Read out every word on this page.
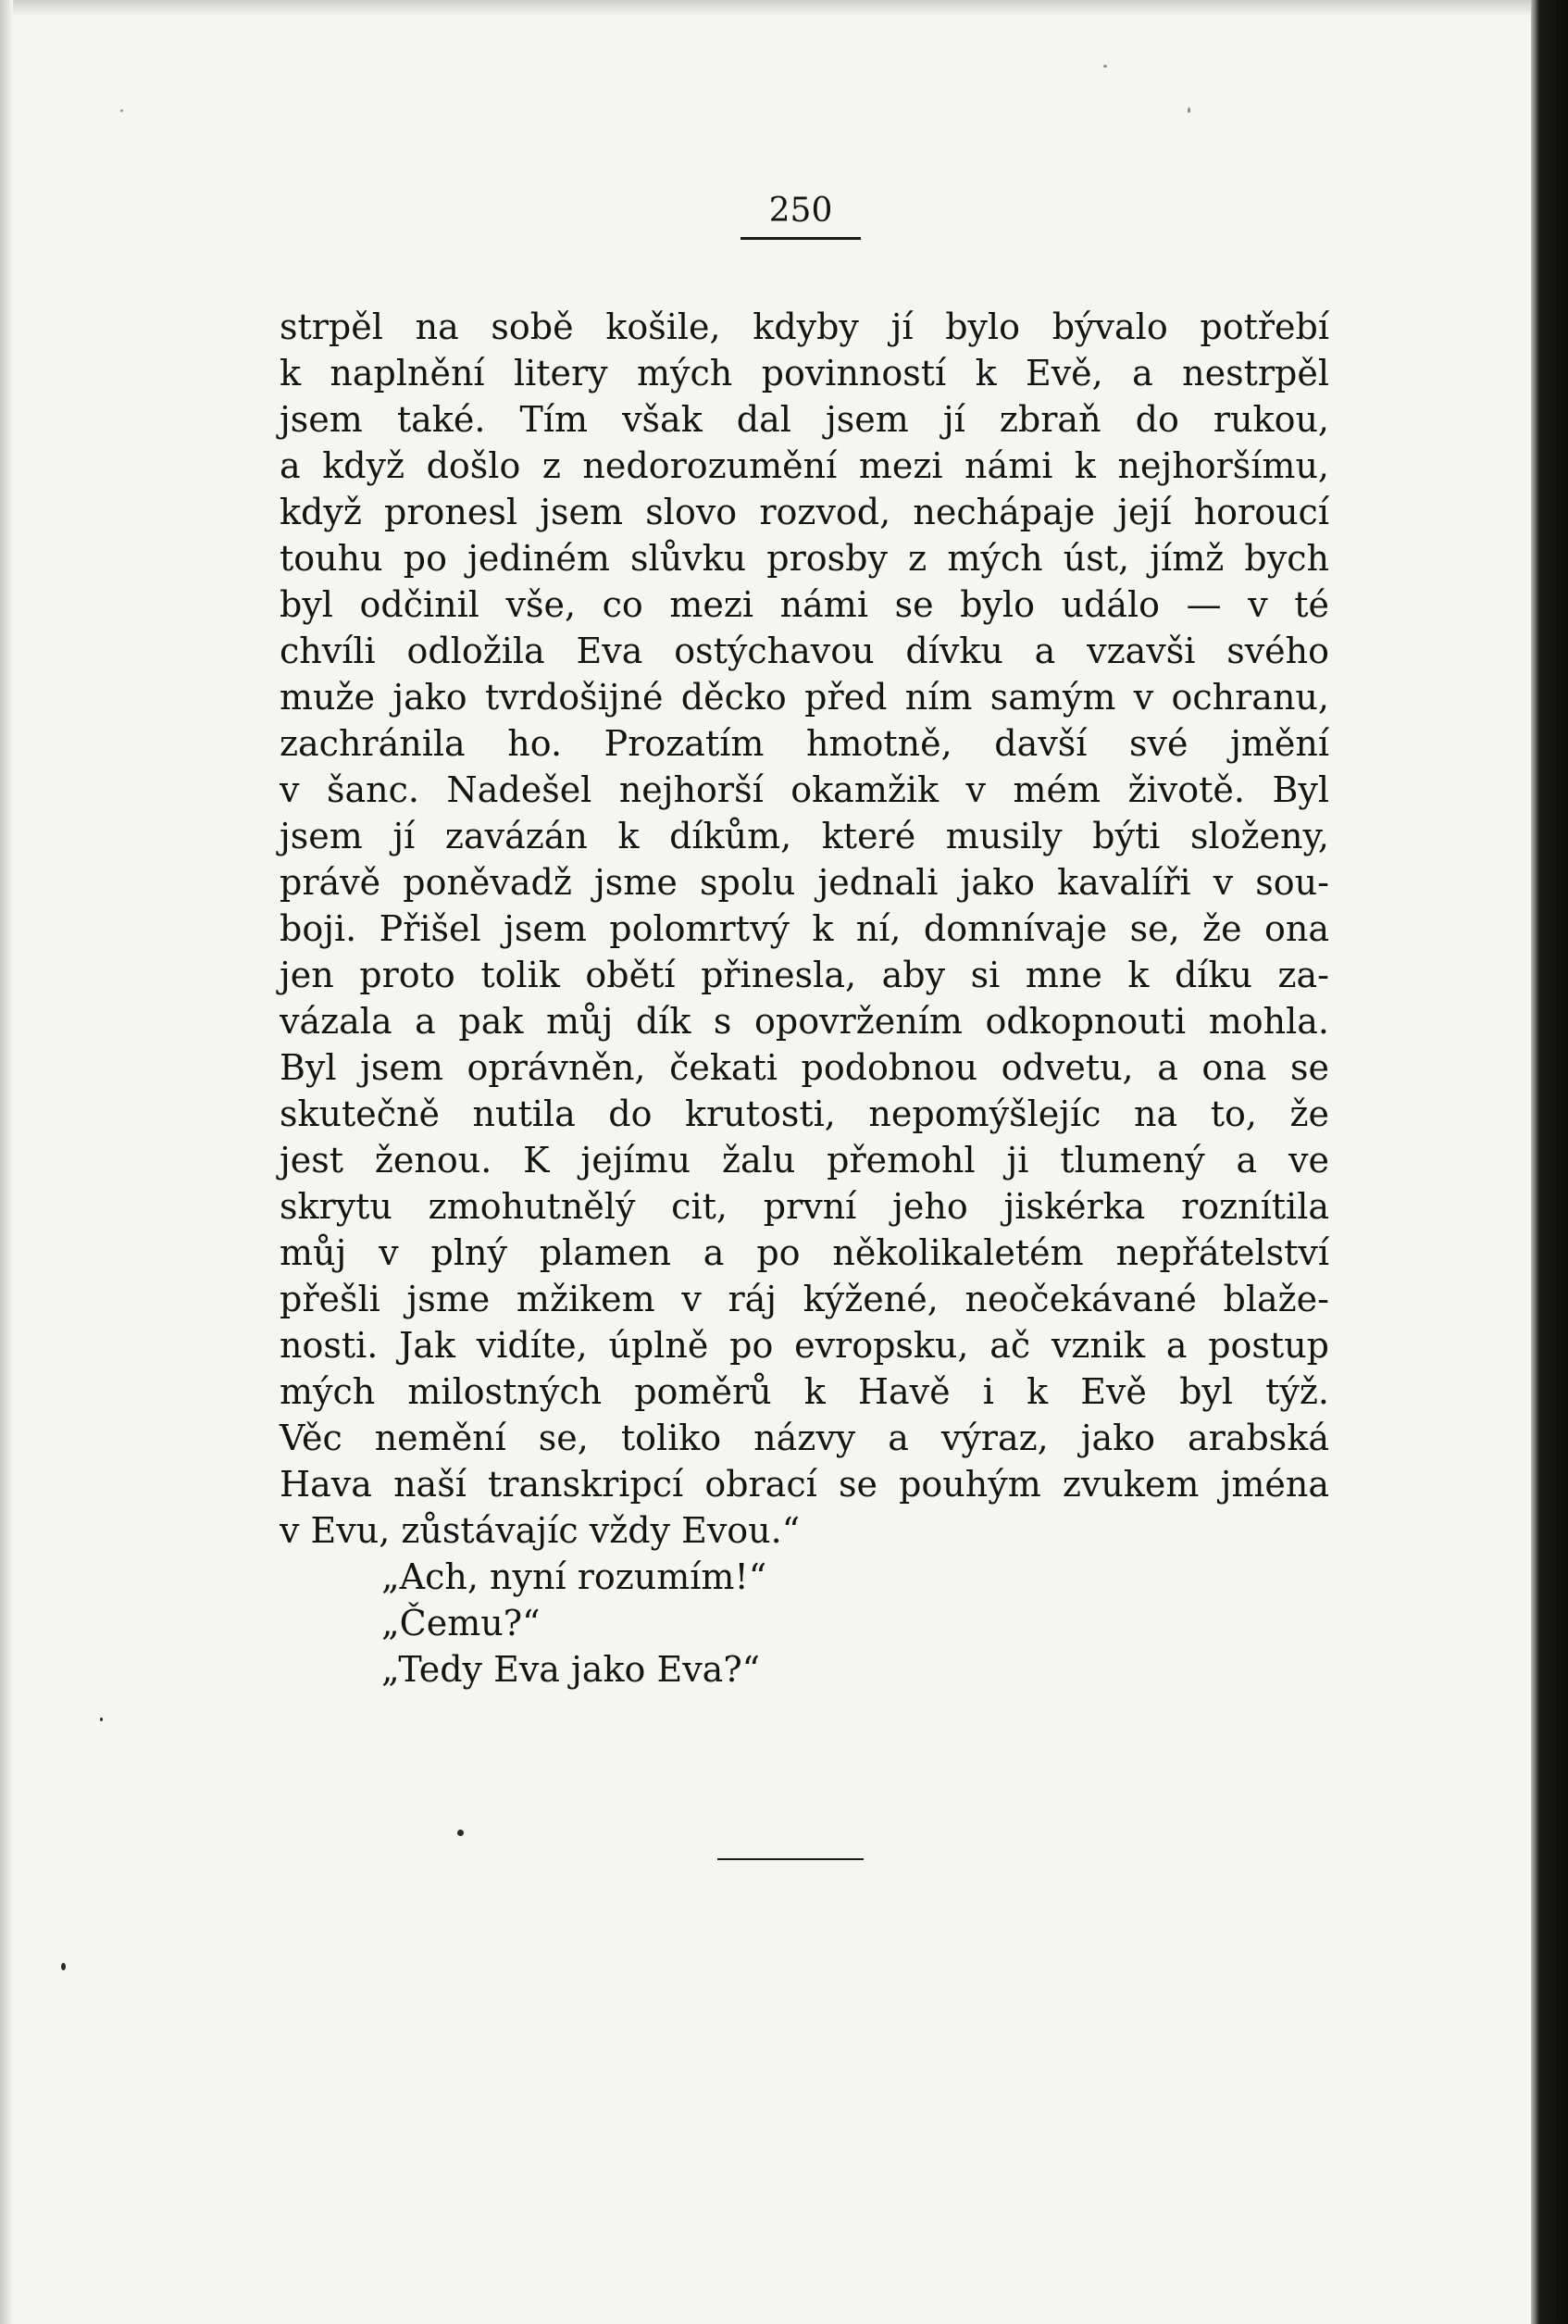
250
strpěl na sobě košile, kdyby jí bylo bývalo potřebí
k naplnění litery mých povinností k Evě, a nestrpěl
jsem také. Tím však dal jsem jí zbraň do rukou,
a když došlo z nedorozumění mezi námi k nejhoršímu,
když pronesl jsem slovo rozvod, nechápaje její horoucí
touhu po jediném slůvku prosby z mých úst, jímž bych
byl odčinil vše, co mezi námi se bylo událo — v té
chvíli odložila Eva ostýchavou dívku a vzavši svého
muže jako tvrdošijné děcko před ním samým v ochranu,
zachránila ho. Prozatím hmotně, davší své jmění
v šanc. Nadešel nejhorší okamžik v mém životě. Byl
jsem jí zavázán k díkům, které musily býti složeny,
právě poněvadž jsme spolu jednali jako kavalíři v sou-
boji. Přišel jsem polomrtvý k ní, domnívaje se, že ona
jen proto tolik obětí přinesla, aby si mne k díku za-
vázala a pak můj dík s opovržením odkopnouti mohla.
Byl jsem oprávněn, čekati podobnou odvetu, a ona se
skutečně nutila do krutosti, nepomýšlejíc na to, že
jest ženou. K jejímu žalu přemohl ji tlumený a ve
skrytu zmohutnělý cit, první jeho jiskérka roznítila
můj v plný plamen a po několikaletém nepřátelství
přešli jsme mžikem v ráj kýžené, neočekávané blaže-
nosti. Jak vidíte, úplně po evropsku, ač vznik a postup
mých milostných poměrů k Havě i k Evě byl týž.
Věc nemění se, toliko názvy a výraz, jako arabská
Hava naší transkripcí obrací se pouhým zvukem jména
v Evu, zůstávajíc vždy Evou.“
„Ach, nyní rozumím!“
„Čemu?“
„Tedy Eva jako Eva?“
